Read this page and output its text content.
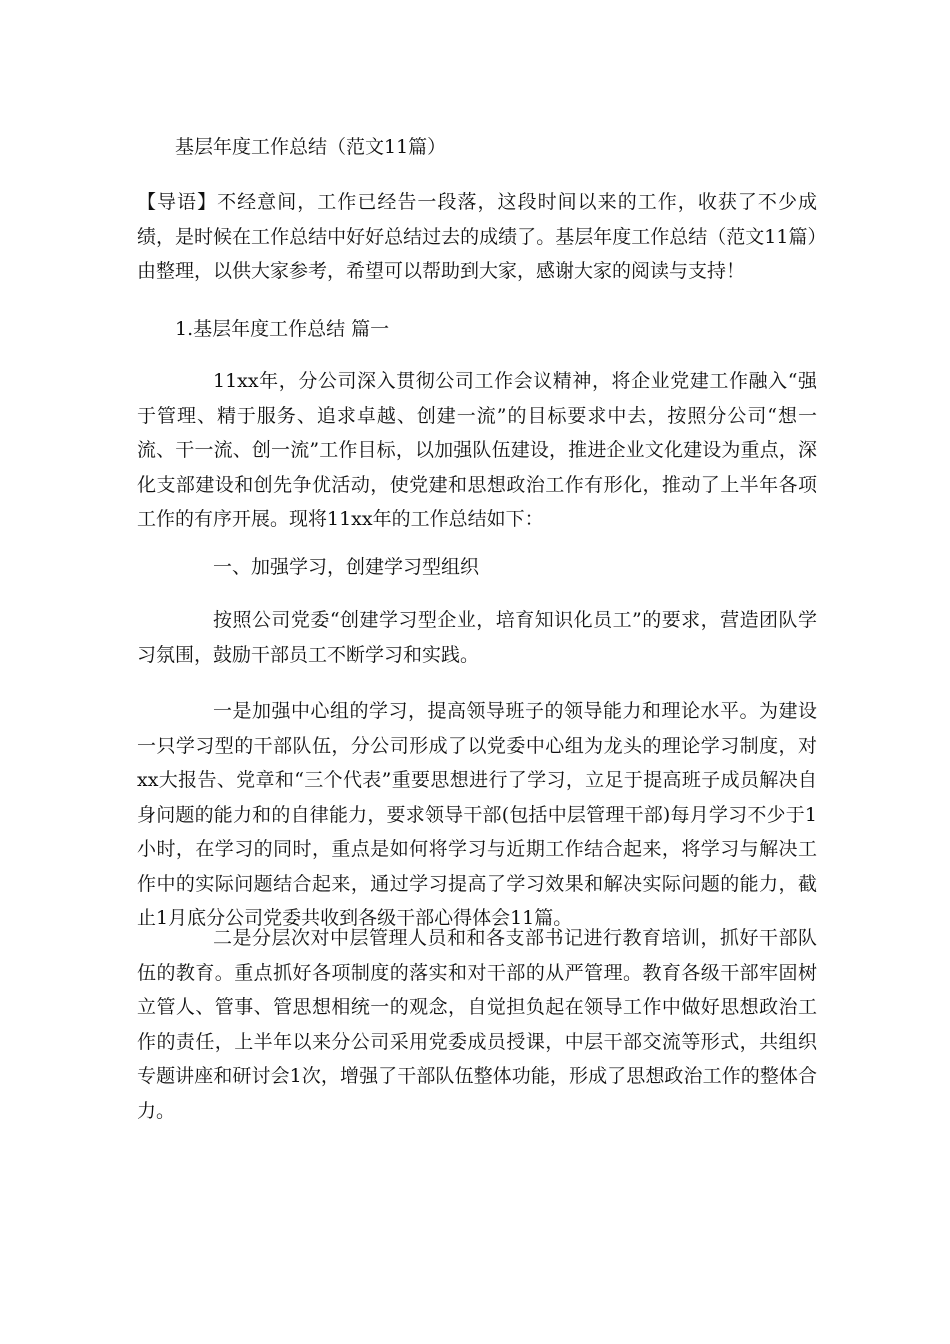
基层年度工作总结（范文11篇）

【导语】不经意间，工作已经告一段落，这段时间以来的工作，收获了不少成绩，是时候在工作总结中好好总结过去的成绩了。基层年度工作总结（范文11篇）由整理，以供大家参考，希望可以帮助到大家，感谢大家的阅读与支持！

1.基层年度工作总结 篇一

11xx年，分公司深入贯彻公司工作会议精神，将企业党建工作融入“强于管理、精于服务、追求卓越、创建一流”的目标要求中去，按照分公司“想一流、干一流、创一流”工作目标，以加强队伍建设，推进企业文化建设为重点，深化支部建设和创先争优活动，使党建和思想政治工作有形化，推动了上半年各项工作的有序开展。现将11xx年的工作总结如下：

一、加强学习，创建学习型组织

按照公司党委“创建学习型企业，培育知识化员工”的要求，营造团队学习氛围，鼓励干部员工不断学习和实践。

一是加强中心组的学习，提高领导班子的领导能力和理论水平。为建设一只学习型的干部队伍，分公司形成了以党委中心组为龙头的理论学习制度，对xx大报告、党章和“三个代表”重要思想进行了学习，立足于提高班子成员解决自身问题的能力和的自律能力，要求领导干部(包括中层管理干部)每月学习不少于1小时，在学习的同时，重点是如何将学习与近期工作结合起来，将学习与解决工作中的实际问题结合起来，通过学习提高了学习效果和解决实际问题的能力，截止1月底分公司党委共收到各级干部心得体会11篇。

二是分层次对中层管理人员和和各支部书记进行教育培训，抓好干部队伍的教育。重点抓好各项制度的落实和对干部的从严管理。教育各级干部牢固树立管人、管事、管思想相统一的观念，自觉担负起在领导工作中做好思想政治工作的责任，上半年以来分公司采用党委成员授课，中层干部交流等形式，共组织专题讲座和研讨会1次，增强了干部队伍整体功能，形成了思想政治工作的整体合力。
